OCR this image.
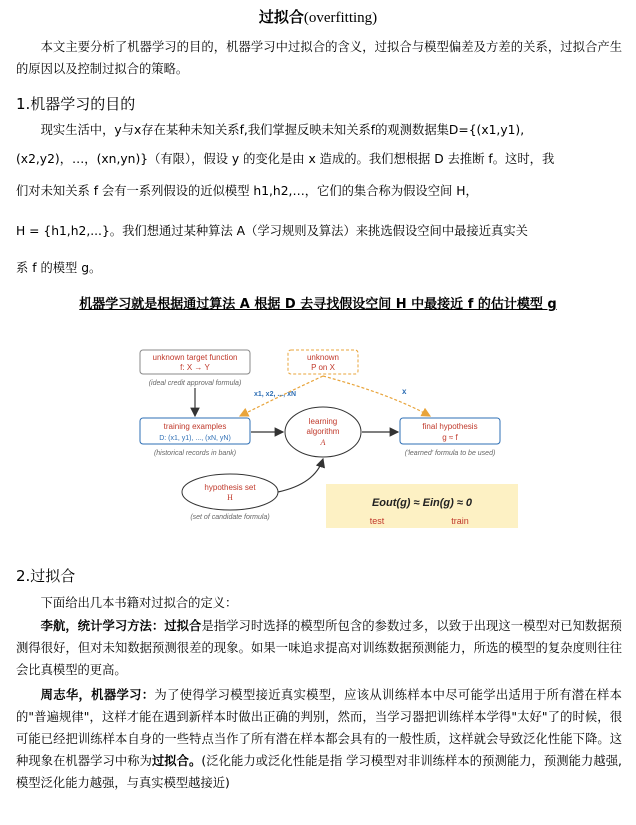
过拟合(overfitting)

本文主要分析了机器学习的目的，机器学习中过拟合的含义，过拟合与模型偏差及方差的关系，过拟合产生的原因以及控制过拟合的策略。

1.机器学习的目的

现实生活中，y与x存在某种未知关系f,我们掌握反映未知关系f的观测数据集D={(x1,y1),

(x2,y2)，…，(xn,yn)}（有限），假设 y 的变化是由 x 造成的。我们想根据 D 去推断 f。这时，我

们对未知关系 f 会有一系列假设的近似模型 h1,h2,…，它们的集合称为假设空间 H，

H = {h1,h2,...}。我们想通过某种算法 A（学习规则及算法）来挑选假设空间中最接近真实关

系 f 的模型 g。

机器学习就是根据通过算法 A 根据 D 去寻找假设空间 H 中最接近 f 的估计模型 g
unknown target function
f: X → Y
(ideal credit approval formula)
unknown
P on X
x1, x2, ..., xN	x
training examples
D: (x1, y1), ..., (xN, yN)
(historical records in bank)
learning
algorithm
A
final hypothesis
g ≈ f
('learned' formula to be used)
hypothesis set
H
(set of candidate formula)
Eout(g) ≈ Ein(g) ≈ 0
test	train
2.过拟合

下面给出几本书籍对过拟合的定义：

李航，统计学习方法：过拟合是指学习时选择的模型所包含的参数过多，以致于出现这一模型对已知数据预测得很好，但对未知数据预测很差的现象。如果一味追求提高对训练数据预测能力，所选的模型的复杂度则往往会比真模型的更高。

周志华，机器学习：为了使得学习模型接近真实模型，应该从训练样本中尽可能学出适用于所有潜在样本的"普遍规律"，这样才能在遇到新样本时做出正确的判别，然而，当学习器把训练样本学得"太好"了的时候，很可能已经把训练样本自身的一些特点当作了所有潜在样本都会具有的一般性质，这样就会导致泛化性能下降。这种现象在机器学习中称为过拟合。(泛化能力或泛化性能是指 学习模型对非训练样本的预测能力，预测能力越强,模型泛化能力越强，与真实模型越接近)
